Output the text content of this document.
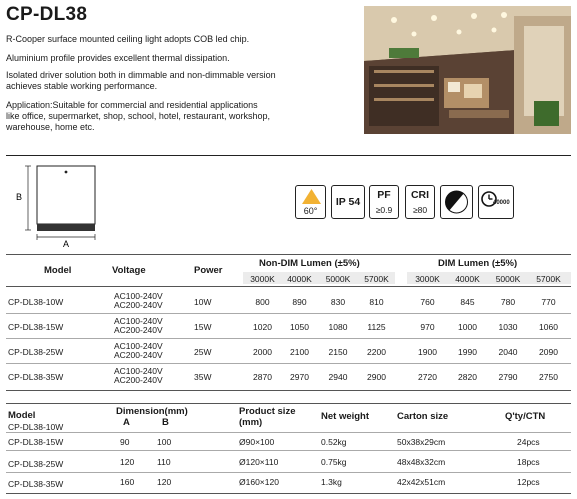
CP-DL38
R-Cooper surface mounted ceiling light adopts COB led chip.
Aluminium profile provides excellent thermal dissipation.
Isolated driver solution both in dimmable and non-dimmable version
achieves stable working performance.
Application:Suitable for commercial and residential applications
like office, supermarket, shop, school, hotel, restaurant, workshop,
warehouse, home etc.
B
A
60°
IP 54
PF
≥0.9
CRI
≥80
40000
Model	Voltage	Power
Non-DIM Lumen (±5%)	DIM Lumen (±5%)
3000K	4000K	5000K	5700K	3000K	4000K	5000K	5700K
CP-DL38-10W
AC100-240V
AC200-240V	10W	800	890	830	810	760	845	780	770
CP-DL38-15W
AC100-240V
AC200-240V	15W	1020	1050	1080	1125	970	1000	1030	1060
CP-DL38-25W
AC100-240V
AC200-240V	25W	2000	2100	2150	2200	1900	1990	2040	2090
CP-DL38-35W
AC100-240V
AC200-240V	35W	2870	2970	2940	2900	2720	2820	2790	2750
Model	Dimension(mm)
A	B
Product size
(mm)
Net weight	Carton size	Q'ty/CTN
CP-DL38-10W
CP-DL38-15W	90	100	Ø90×100	0.52kg	50x38x29cm	24pcs
CP-DL38-25W	120	110	Ø120×110	0.75kg	48x48x32cm	18pcs
CP-DL38-35W	160	120	Ø160×120	1.3kg	42x42x51cm	12pcs
